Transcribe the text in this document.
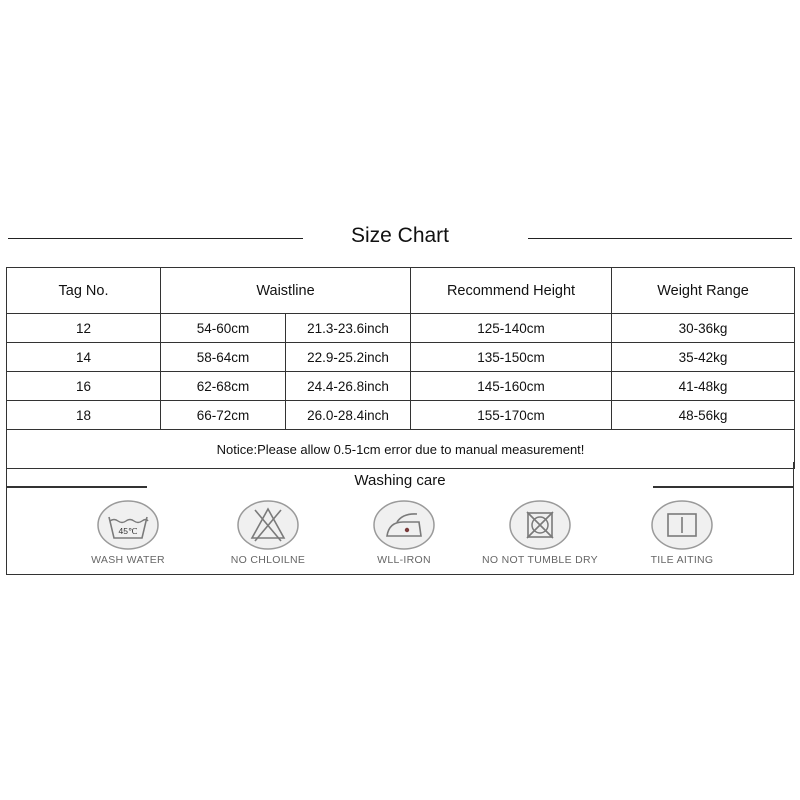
Size Chart
Tag No.	Waistline		Recommend Height	Weight Range
12	54-60cm	21.3-23.6inch	125-140cm	30-36kg
14	58-64cm	22.9-25.2inch	135-150cm	35-42kg
16	62-68cm	24.4-26.8inch	145-160cm	41-48kg
18	66-72cm	26.0-28.4inch	155-170cm	48-56kg
Notice:Please allow 0.5-1cm error due to manual measurement!				
Washing care
45℃
WASH WATER	NO CHLOILNE	WLL-IRON	NO NOT TUMBLE DRY	TILE AITING
